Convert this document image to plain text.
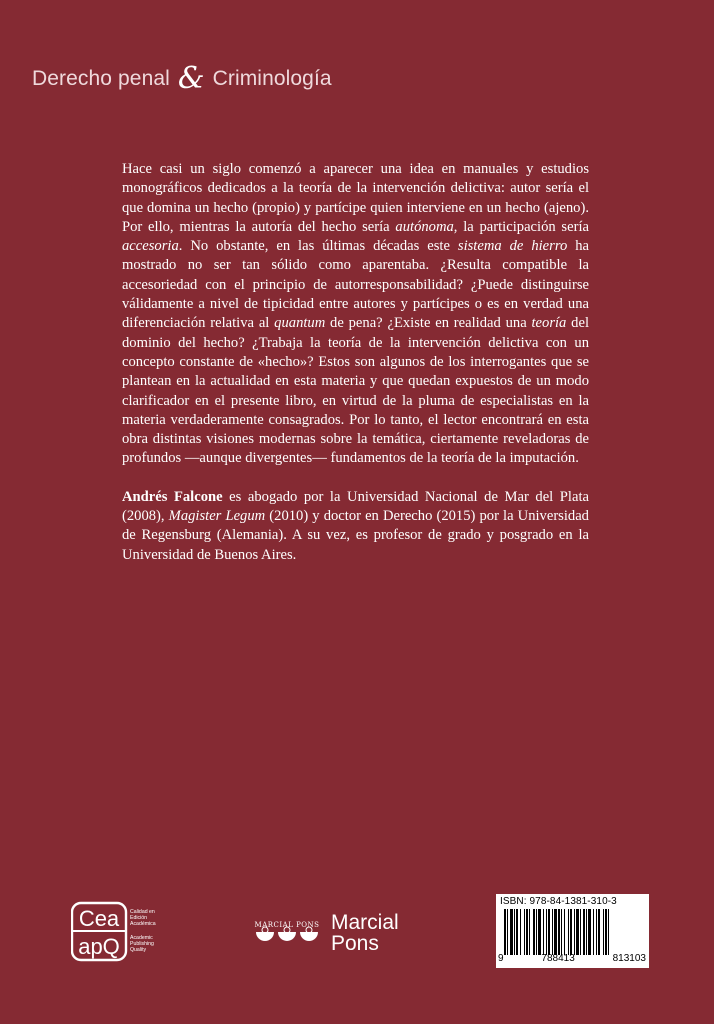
Derecho penal & Criminología

Hace casi un siglo comenzó a aparecer una idea en manuales y estudios monográficos dedicados a la teoría de la intervención delictiva: autor sería el que domina un hecho (propio) y partícipe quien interviene en un hecho (ajeno). Por ello, mientras la autoría del hecho sería autónoma, la participación sería accesoria. No obstante, en las últimas décadas este sistema de hierro ha mostrado no ser tan sólido como aparentaba. ¿Resulta compatible la accesoriedad con el principio de autorresponsabilidad? ¿Puede distinguirse válidamente a nivel de tipicidad entre autores y partícipes o es en verdad una diferenciación relativa al quantum de pena? ¿Existe en realidad una teoría del dominio del hecho? ¿Trabaja la teoría de la intervención delictiva con un concepto constante de «hecho»? Estos son algunos de los interrogantes que se plantean en la actualidad en esta materia y que quedan expuestos de un modo clarificador en el presente libro, en virtud de la pluma de especialistas en la materia verdaderamente consagrados. Por lo tanto, el lector encontrará en esta obra distintas visiones modernas sobre la temática, ciertamente reveladoras de profundos —aunque divergentes— fundamentos de la teoría de la imputación.

Andrés Falcone es abogado por la Universidad Nacional de Mar del Plata (2008), Magister Legum (2010) y doctor en Derecho (2015) por la Universidad de Regensburg (Alemania). A su vez, es profesor de grado y posgrado en la Universidad de Buenos Aires.

Cea
apQ
Calidad en
Edición
Académica
Academic
Publishing
Quality
MARCIAL PONS Marcial
Pons
ISBN: 978-84-1381-310-3
9	788413	813103
